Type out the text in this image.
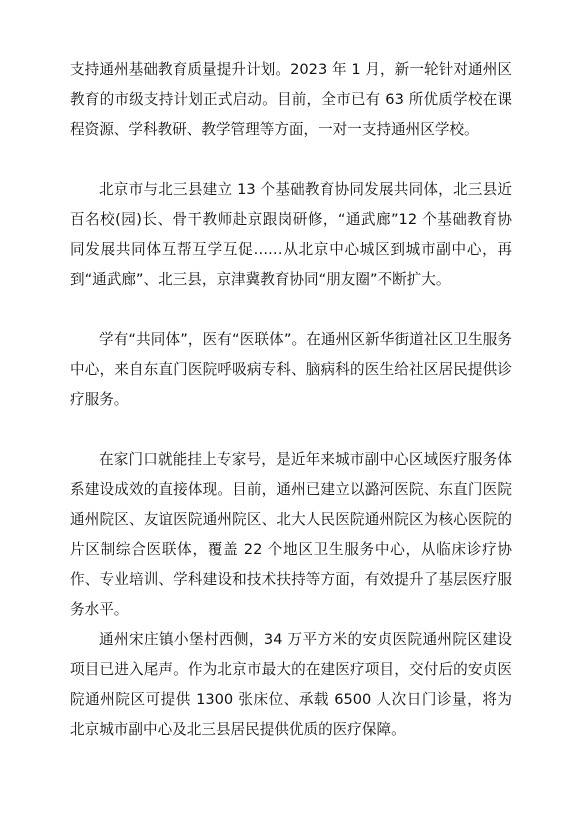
支持通州基础教育质量提升计划。2023 年 1 月，新一轮针对通州区教育的市级支持计划正式启动。目前，全市已有 63 所优质学校在课程资源、学科教研、教学管理等方面，一对一支持通州区学校。

北京市与北三县建立 13 个基础教育协同发展共同体，北三县近百名校(园)长、骨干教师赴京跟岗研修，“通武廊”12 个基础教育协同发展共同体互帮互学互促……从北京中心城区到城市副中心，再到“通武廊”、北三县，京津冀教育协同“朋友圈”不断扩大。

学有“共同体”，医有“医联体”。在通州区新华街道社区卫生服务中心，来自东直门医院呼吸病专科、脑病科的医生给社区居民提供诊疗服务。

在家门口就能挂上专家号，是近年来城市副中心区域医疗服务体系建设成效的直接体现。目前，通州已建立以潞河医院、东直门医院通州院区、友谊医院通州院区、北大人民医院通州院区为核心医院的片区制综合医联体，覆盖 22 个地区卫生服务中心，从临床诊疗协作、专业培训、学科建设和技术扶持等方面，有效提升了基层医疗服务水平。

通州宋庄镇小堡村西侧，34 万平方米的安贞医院通州院区建设项目已进入尾声。作为北京市最大的在建医疗项目，交付后的安贞医院通州院区可提供 1300 张床位、承载 6500 人次日门诊量，将为北京城市副中心及北三县居民提供优质的医疗保障。
